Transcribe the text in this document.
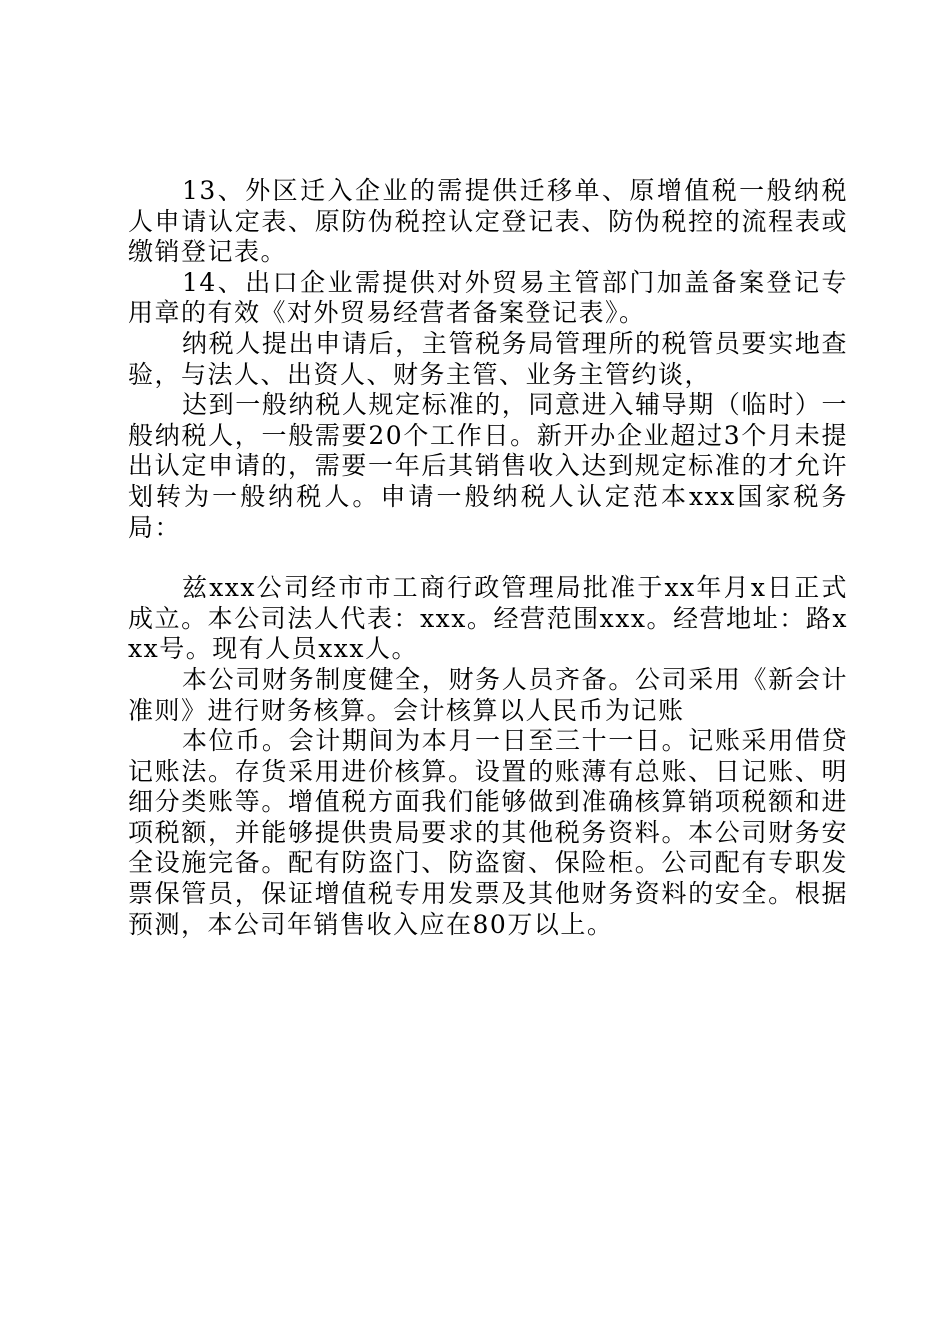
13、外区迁入企业的需提供迁移单、原增值税一般纳税人申请认定表、原防伪税控认定登记表、防伪税控的流程表或缴销登记表。

14、出口企业需提供对外贸易主管部门加盖备案登记专用章的有效《对外贸易经营者备案登记表》。

纳税人提出申请后，主管税务局管理所的税管员要实地查验，与法人、出资人、财务主管、业务主管约谈，

达到一般纳税人规定标准的，同意进入辅导期（临时）一般纳税人，一般需要20个工作日。新开办企业超过3个月未提出认定申请的，需要一年后其销售收入达到规定标准的才允许划转为一般纳税人。申请一般纳税人认定范本xxx国家税务局：

兹xxx公司经市市工商行政管理局批准于xx年月x日正式成立。本公司法人代表：xxx。经营范围xxx。经营地址：路xxx号。现有人员xxx人。

本公司财务制度健全，财务人员齐备。公司采用《新会计准则》进行财务核算。会计核算以人民币为记账

本位币。会计期间为本月一日至三十一日。记账采用借贷记账法。存货采用进价核算。设置的账薄有总账、日记账、明细分类账等。增值税方面我们能够做到准确核算销项税额和进项税额，并能够提供贵局要求的其他税务资料。本公司财务安全设施完备。配有防盗门、防盗窗、保险柜。公司配有专职发票保管员，保证增值税专用发票及其他财务资料的安全。根据预测，本公司年销售收入应在80万以上。
